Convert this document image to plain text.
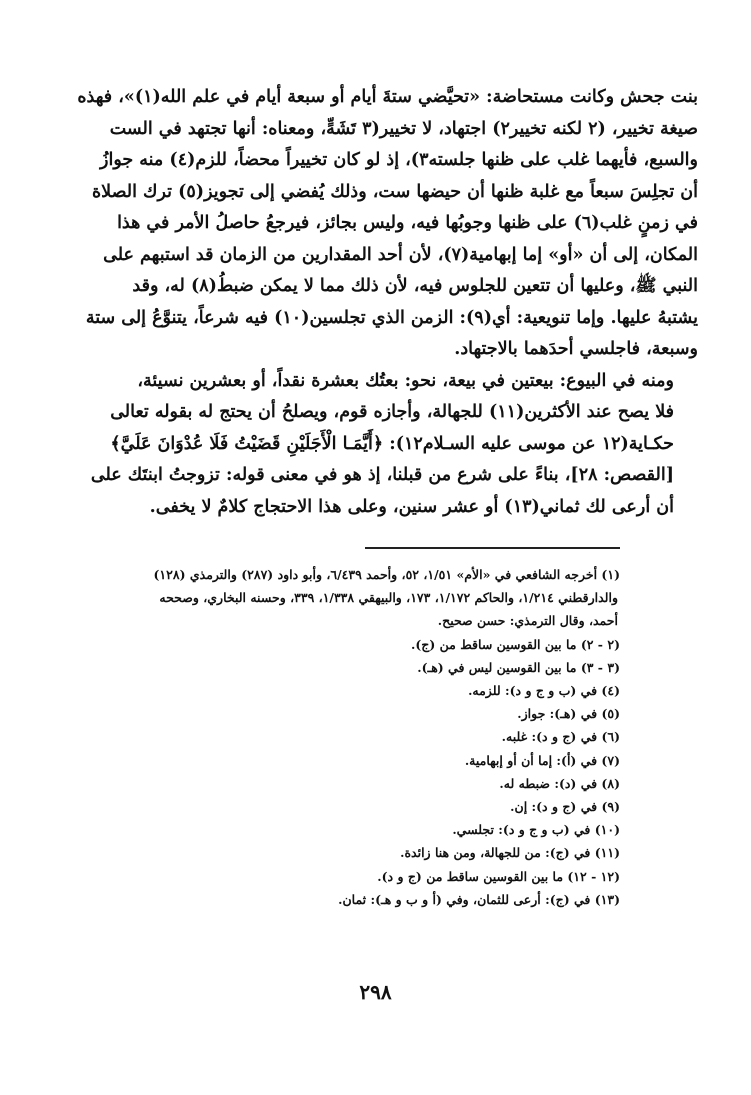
بنت جحش وكانت مستحاضة: «تحيَّضي ستةَ أيام أو سبعة أيام في علم الله(١)»، فهذه
صيغة تخيير، (٢ لكنه تخيير٢) اجتهاد، لا تخيير(٣ تَشَهٍّ، ومعناه: أنها تجتهد في الست
والسبع، فأيهما غلب على ظنها جلسته٣)، إذ لو كان تخييراً محضاً، للزم(٤) منه جوازُ
أن تجلِسَ سبعاً مع غلبة ظنها أن حيضها ست، وذلك يُفضي إلى تجويز(٥) ترك الصلاة
في زمنٍ غلب(٦) على ظنها وجوبُها فيه، وليس بجائز، فيرجعُ حاصلُ الأمر في هذا
المكان، إلى أن «أو» إما إبهامية(٧)، لأن أحد المقدارين من الزمان قد استبهم على
النبي ﷺ، وعليها أن تتعين للجلوس فيه، لأن ذلك مما لا يمكن ضبطُ(٨) له، وقد
يشتبهُ عليها. وإما تنويعية: أي(٩): الزمن الذي تجلسين(١٠) فيه شرعاً، يتنوَّعُ إلى ستة
وسبعة، فاجلسي أحدَهما بالاجتهاد.

ومنه في البيوع: بيعتين في بيعة، نحو: بعتُك بعشرة نقداً، أو بعشرين نسيئة،
فلا يصح عند الأكثرين(١١) للجهالة، وأجازه قوم، ويصلحُ أن يحتج له بقوله تعالى
حكـاية(١٢ عن موسى عليه السـلام١٢): ﴿أَيَّمَـا الْأَجَلَيْنِ قَضَيْتُ فَلَا عُدْوَانَ عَلَيَّ﴾
[القصص: ٢٨]، بناءً على شرع من قبلنا، إذ هو في معنى قوله: تزوجتُ ابنتَك على
أن أرعى لك ثماني(١٣) أو عشر سنين، وعلى هذا الاحتجاج كلامٌ لا يخفى.

(١) أخرجه الشافعي في «الأم» ١/٥١، ٥٢، وأحمد ٦/٤٣٩، وأبو داود (٢٨٧) والترمذي (١٢٨)

والدارقطني ١/٢١٤، والحاكم ١/١٧٢، ١٧٣، والبيهقي ١/٣٣٨، ٣٣٩، وحسنه البخاري، وصححه

أحمد، وقال الترمذي: حسن صحيح.

(٢ - ٢) ما بين القوسين ساقط من (ج).

(٣ - ٣) ما بين القوسين ليس في (هـ).

(٤) في (ب و ج و د): للزمه.

(٥) في (هـ): جواز.

(٦) في (ج و د): غلبه.

(٧) في (أ): إما أن أو إبهامية.

(٨) في (د): ضبطه له.

(٩) في (ج و د): إن.

(١٠) في (ب و ج و د): تجلسي.

(١١) في (ج): من للجهالة، ومن هنا زائدة.

(١٢ - ١٢) ما بين القوسين ساقط من (ج و د).

(١٣) في (ج): أرعى للثمان، وفي (أ و ب و هـ): ثمان.

٢٩٨
